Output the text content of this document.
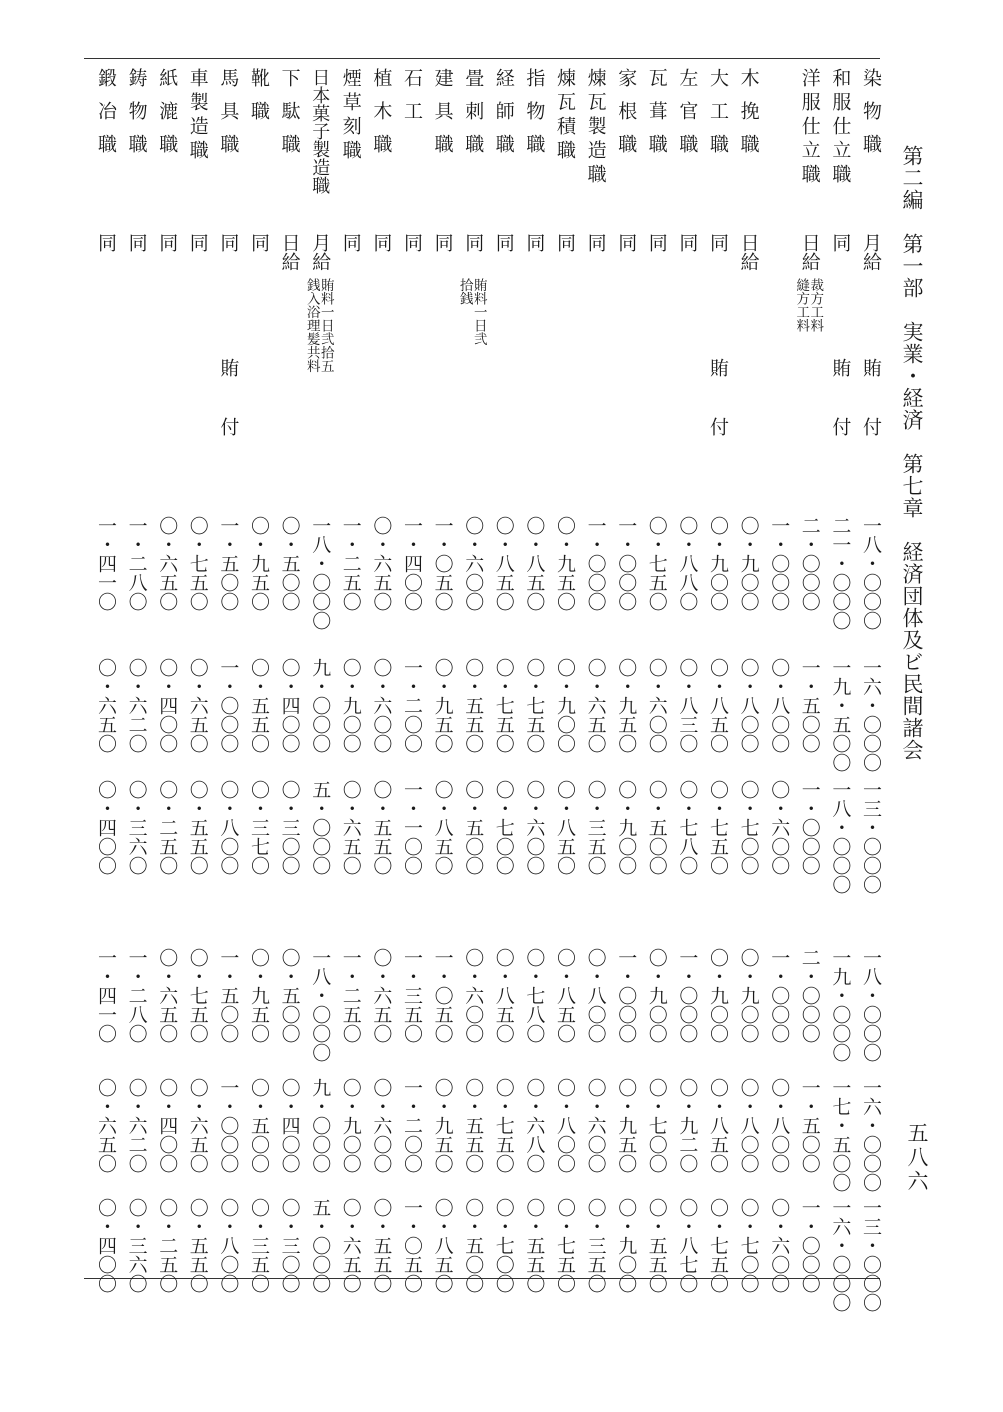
第二編　第一部　実業・経済　第七章　経済団体及ビ民間諸会
五八六
染物職
月給
賄付
一八・〇〇〇
一六・〇〇〇
一三・〇〇〇
一八・〇〇〇
一六・〇〇〇
一三・〇〇〇
和服仕立職
同
賄付
二一・〇〇〇
一九・五〇〇
一八・〇〇〇
一九・〇〇〇
一七・五〇〇
一六・〇〇〇
洋服仕立職
日給
裁方工料
縫方工料
二・〇〇〇
一・五〇〇
一・〇〇〇
二・〇〇〇
一・五〇〇
一・〇〇〇
一・〇〇〇
〇・八〇〇
〇・六〇〇
一・〇〇〇
〇・八〇〇
〇・六〇〇
木挽職
日給
〇・九〇〇
〇・八〇〇
〇・七〇〇
〇・九〇〇
〇・八〇〇
〇・七〇〇
大工職
同
賄付
〇・九〇〇
〇・八五〇
〇・七五〇
〇・九〇〇
〇・八五〇
〇・七五〇
左官職
同
〇・八八〇
〇・八三〇
〇・七八〇
一・〇〇〇
〇・九二〇
〇・八七〇
瓦葺職
同
〇・七五〇
〇・六〇〇
〇・五〇〇
〇・九〇〇
〇・七〇〇
〇・五五〇
家根職
同
一・〇〇〇
〇・九五〇
〇・九〇〇
一・〇〇〇
〇・九五〇
〇・九〇〇
煉瓦製造職
同
一・〇〇〇
〇・六五〇
〇・三五〇
〇・八〇〇
〇・六〇〇
〇・三五〇
煉瓦積職
同
〇・九五〇
〇・九〇〇
〇・八五〇
〇・八五〇
〇・八〇〇
〇・七五〇
指物職
同
〇・八五〇
〇・七五〇
〇・六〇〇
〇・七八〇
〇・六八〇
〇・五五〇
経師職
同
〇・八五〇
〇・七五〇
〇・七〇〇
〇・八五〇
〇・七五〇
〇・七〇〇
畳刺職
同
賄料一日弐
拾銭
〇・六〇〇
〇・五五〇
〇・五〇〇
〇・六〇〇
〇・五五〇
〇・五〇〇
建具職
同
一・〇五〇
〇・九五〇
〇・八五〇
一・〇五〇
〇・九五〇
〇・八五〇
石工
同
一・四〇〇
一・二〇〇
一・一〇〇
一・三五〇
一・二〇〇
一・〇五〇
植木職
同
〇・六五〇
〇・六〇〇
〇・五五〇
〇・六五〇
〇・六〇〇
〇・五五〇
煙草刻職
同
一・二五〇
〇・九〇〇
〇・六五〇
一・二五〇
〇・九〇〇
〇・六五〇
日本菓子製造職
月給
賄料一日弐拾五
銭入浴理髪共料
一八・〇〇〇
九・〇〇〇
五・〇〇〇
一八・〇〇〇
九・〇〇〇
五・〇〇〇
下駄職
日給
〇・五〇〇
〇・四〇〇
〇・三〇〇
〇・五〇〇
〇・四〇〇
〇・三〇〇
靴職
同
〇・九五〇
〇・五五〇
〇・三七〇
〇・九五〇
〇・五〇〇
〇・三五〇
馬具職
同
賄付
一・五〇〇
一・〇〇〇
〇・八〇〇
一・五〇〇
一・〇〇〇
〇・八〇〇
車製造職
同
〇・七五〇
〇・六五〇
〇・五五〇
〇・七五〇
〇・六五〇
〇・五五〇
紙漉職
同
〇・六五〇
〇・四〇〇
〇・二五〇
〇・六五〇
〇・四〇〇
〇・二五〇
鋳物職
同
一・二八〇
〇・六二〇
〇・三六〇
一・二八〇
〇・六二〇
〇・三六〇
鍛冶職
同
一・四一〇
〇・六五〇
〇・四〇〇
一・四一〇
〇・六五〇
〇・四〇〇
